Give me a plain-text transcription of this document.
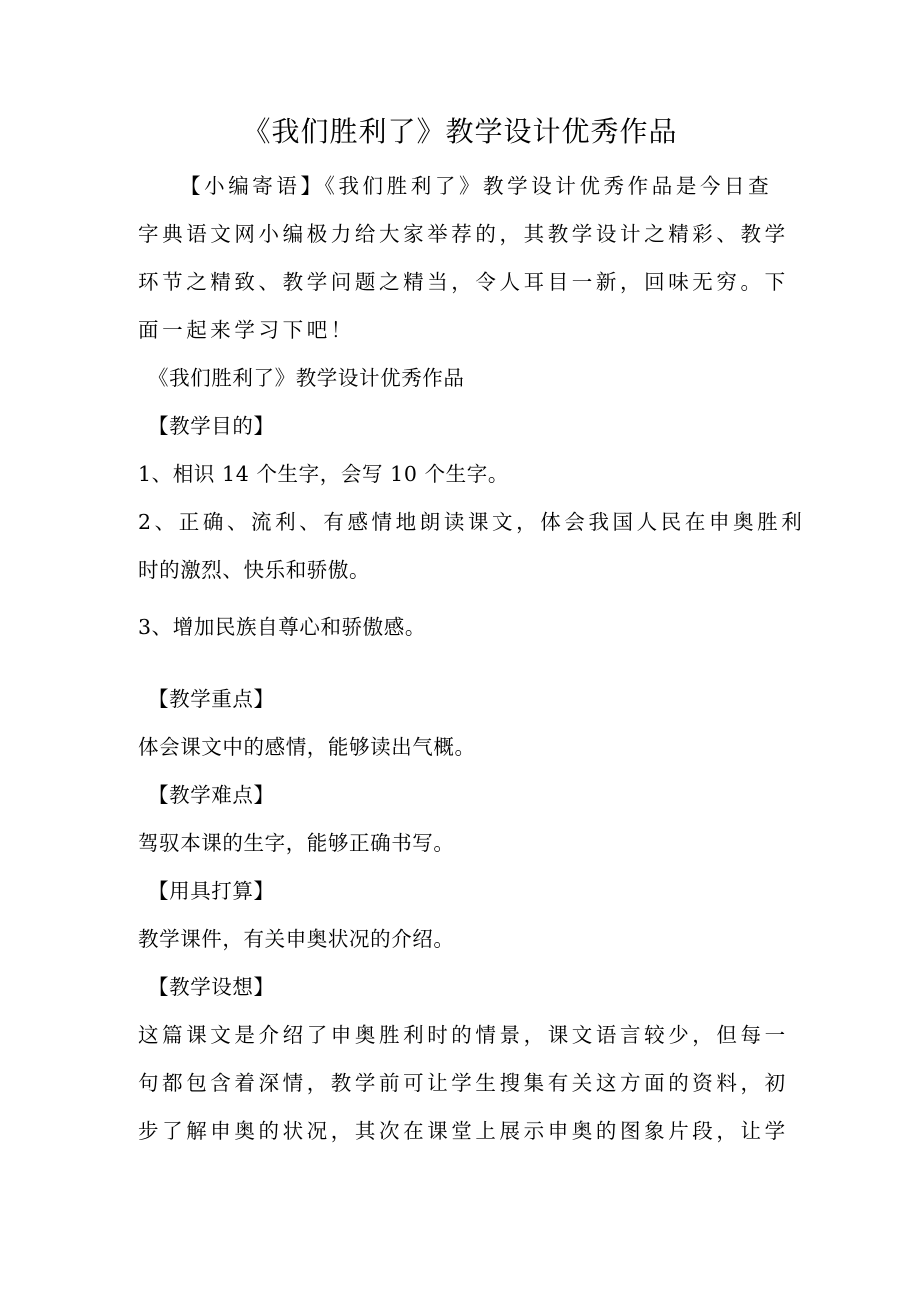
《我们胜利了》教学设计优秀作品
【小编寄语】《我们胜利了》教学设计优秀作品是今日查
字典语文网小编极力给大家举荐的，其教学设计之精彩、教学
环节之精致、教学问题之精当，令人耳目一新，回味无穷。下
面一起来学习下吧！
《我们胜利了》教学设计优秀作品
【教学目的】
1、相识 14 个生字，会写 10 个生字。
2、正确、流利、有感情地朗读课文，体会我国人民在申奥胜利
时的激烈、快乐和骄傲。
3、增加民族自尊心和骄傲感。
【教学重点】
体会课文中的感情，能够读出气概。
【教学难点】
驾驭本课的生字，能够正确书写。
【用具打算】
教学课件，有关申奥状况的介绍。
【教学设想】
这篇课文是介绍了申奥胜利时的情景，课文语言较少，但每一
句都包含着深情，教学前可让学生搜集有关这方面的资料，初
步了解申奥的状况，其次在课堂上展示申奥的图象片段，让学
